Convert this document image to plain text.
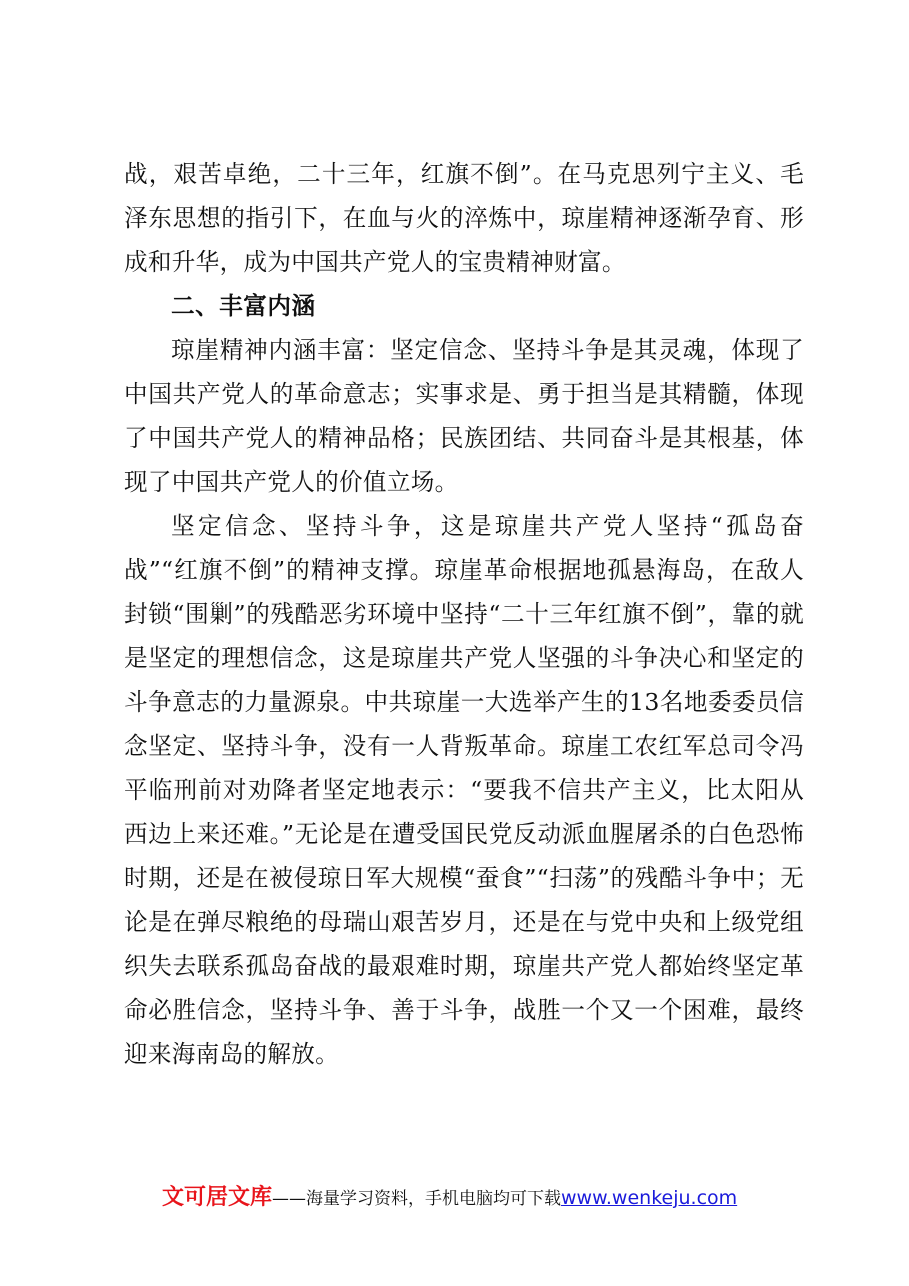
战，艰苦卓绝，二十三年，红旗不倒”。在马克思列宁主义、毛泽东思想的指引下，在血与火的淬炼中，琼崖精神逐渐孕育、形成和升华，成为中国共产党人的宝贵精神财富。

二、丰富内涵

琼崖精神内涵丰富：坚定信念、坚持斗争是其灵魂，体现了中国共产党人的革命意志；实事求是、勇于担当是其精髓，体现了中国共产党人的精神品格；民族团结、共同奋斗是其根基，体现了中国共产党人的价值立场。

坚定信念、坚持斗争，这是琼崖共产党人坚持“孤岛奋战”“红旗不倒”的精神支撑。琼崖革命根据地孤悬海岛，在敌人封锁“围剿”的残酷恶劣环境中坚持“二十三年红旗不倒”，靠的就是坚定的理想信念，这是琼崖共产党人坚强的斗争决心和坚定的斗争意志的力量源泉。中共琼崖一大选举产生的13名地委委员信念坚定、坚持斗争，没有一人背叛革命。琼崖工农红军总司令冯平临刑前对劝降者坚定地表示：“要我不信共产主义，比太阳从西边上来还难。”无论是在遭受国民党反动派血腥屠杀的白色恐怖时期，还是在被侵琼日军大规模“蚕食”“扫荡”的残酷斗争中；无论是在弹尽粮绝的母瑞山艰苦岁月，还是在与党中央和上级党组织失去联系孤岛奋战的最艰难时期，琼崖共产党人都始终坚定革命必胜信念，坚持斗争、善于斗争，战胜一个又一个困难，最终迎来海南岛的解放。

文可居文库 ——海量学习资料，手机电脑均可下载 www.wenkeju.com
